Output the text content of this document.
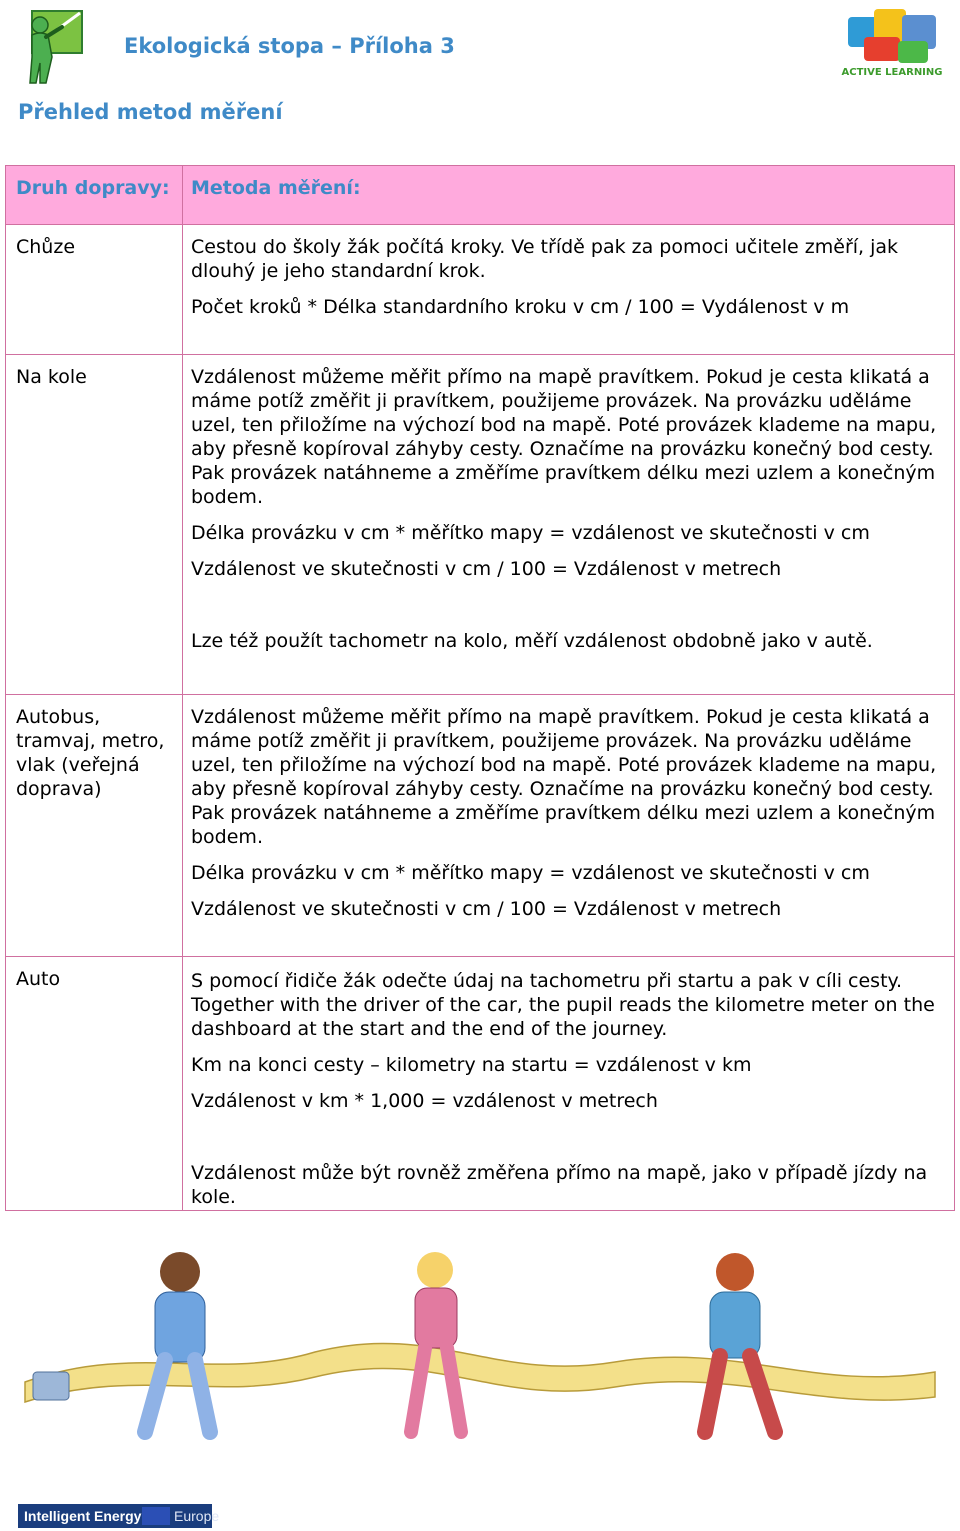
Ekologická stopa – Příloha 3
ACTIVE LEARNING
Přehled metod měření
Druh dopravy:	Metoda měření:

Chůze	Cestou do školy žák počítá kroky. Ve třídě pak za pomoci učitele změří, jak dlouhý je jeho standardní krok.

Počet kroků * Délka standardního kroku v cm / 100 = Vydálenost v m

Na kole	Vzdálenost můžeme měřit přímo na mapě pravítkem. Pokud je cesta klikatá a máme potíž změřit ji pravítkem, použijeme provázek. Na provázku uděláme uzel, ten přiložíme na výchozí bod na mapě. Poté provázek klademe na mapu, aby přesně kopíroval záhyby cesty. Označíme na provázku konečný bod cesty. Pak provázek natáhneme a změříme pravítkem délku mezi uzlem a konečným bodem.

Délka provázku v cm * měřítko mapy = vzdálenost ve skutečnosti v cm

Vzdálenost ve skutečnosti v cm / 100 = Vzdálenost v metrech

Lze též použít tachometr na kolo, měří vzdálenost obdobně jako v autě.

Autobus, tramvaj, metro, vlak (veřejná doprava)	Vzdálenost můžeme měřit přímo na mapě pravítkem. Pokud je cesta klikatá a máme potíž změřit ji pravítkem, použijeme provázek. Na provázku uděláme uzel, ten přiložíme na výchozí bod na mapě. Poté provázek klademe na mapu, aby přesně kopíroval záhyby cesty. Označíme na provázku konečný bod cesty. Pak provázek natáhneme a změříme pravítkem délku mezi uzlem a konečným bodem.

Délka provázku v cm * měřítko mapy = vzdálenost ve skutečnosti v cm

Vzdálenost ve skutečnosti v cm / 100 = Vzdálenost v metrech

Auto	S pomocí řidiče žák odečte údaj na tachometru při startu a pak v cíli cesty. Together with the driver of the car, the pupil reads the kilometre meter on the dashboard at the start and the end of the journey.

Km na konci cesty – kilometry na startu = vzdálenost v km

Vzdálenost v km * 1,000 = vzdálenost v metrech

Vzdálenost může být rovněž změřena přímo na mapě, jako v případě jízdy na kole.

Intelligent Energy Europe
